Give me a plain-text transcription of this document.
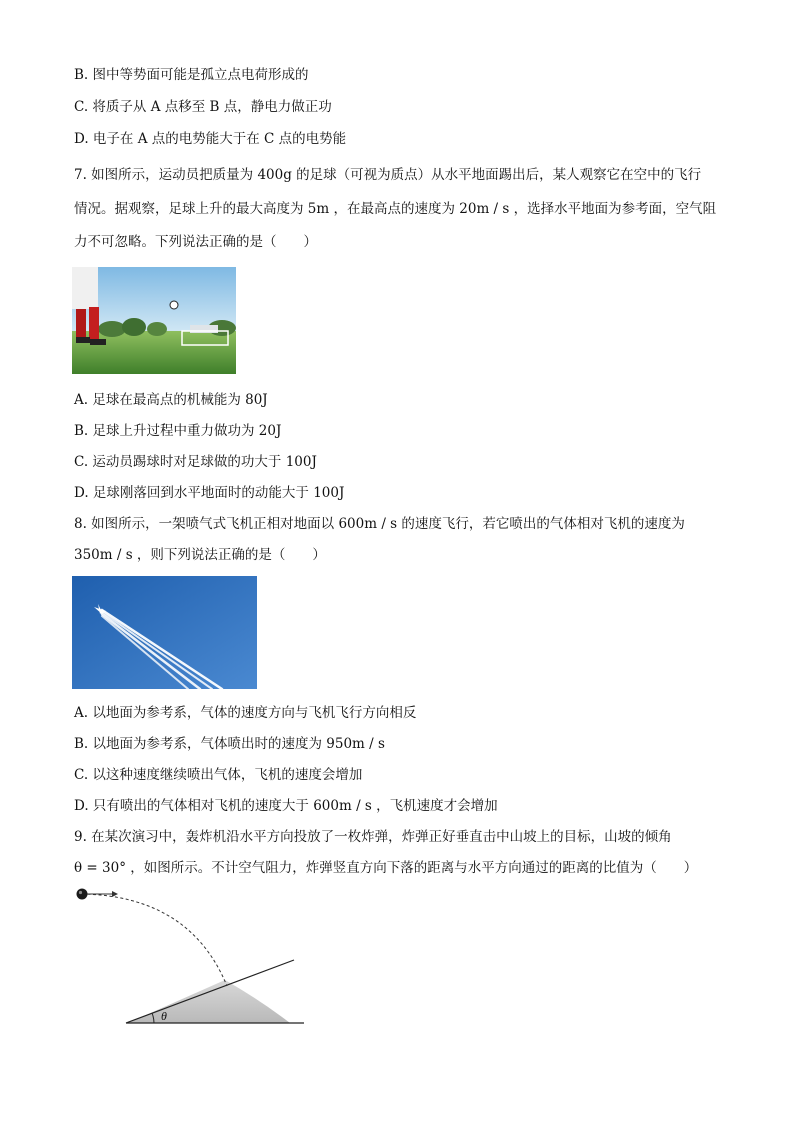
B. 图中等势面可能是孤立点电荷形成的
C. 将质子从 A 点移至 B 点，静电力做正功
D. 电子在 A 点的电势能大于在 C 点的电势能
7. 如图所示，运动员把质量为 400g 的足球（可视为质点）从水平地面踢出后，某人观察它在空中的飞行
情况。据观察，足球上升的最大高度为 5m ，在最高点的速度为 20m / s ，选择水平地面为参考面，空气阻
力不可忽略。下列说法正确的是（　　）
A. 足球在最高点的机械能为 80J
B. 足球上升过程中重力做功为 20J
C. 运动员踢球时对足球做的功大于 100J
D. 足球刚落回到水平地面时的动能大于 100J
8. 如图所示，一架喷气式飞机正相对地面以 600m / s 的速度飞行，若它喷出的气体相对飞机的速度为
350m / s ，则下列说法正确的是（　　）
A. 以地面为参考系，气体的速度方向与飞机飞行方向相反
B. 以地面为参考系，气体喷出时的速度为 950m / s
C. 以这种速度继续喷出气体，飞机的速度会增加
D. 只有喷出的气体相对飞机的速度大于 600m / s ，飞机速度才会增加
9. 在某次演习中，轰炸机沿水平方向投放了一枚炸弹，炸弹正好垂直击中山坡上的目标，山坡的倾角
θ = 30° ，如图所示。不计空气阻力，炸弹竖直方向下落的距离与水平方向通过的距离的比值为（　　）
θ
